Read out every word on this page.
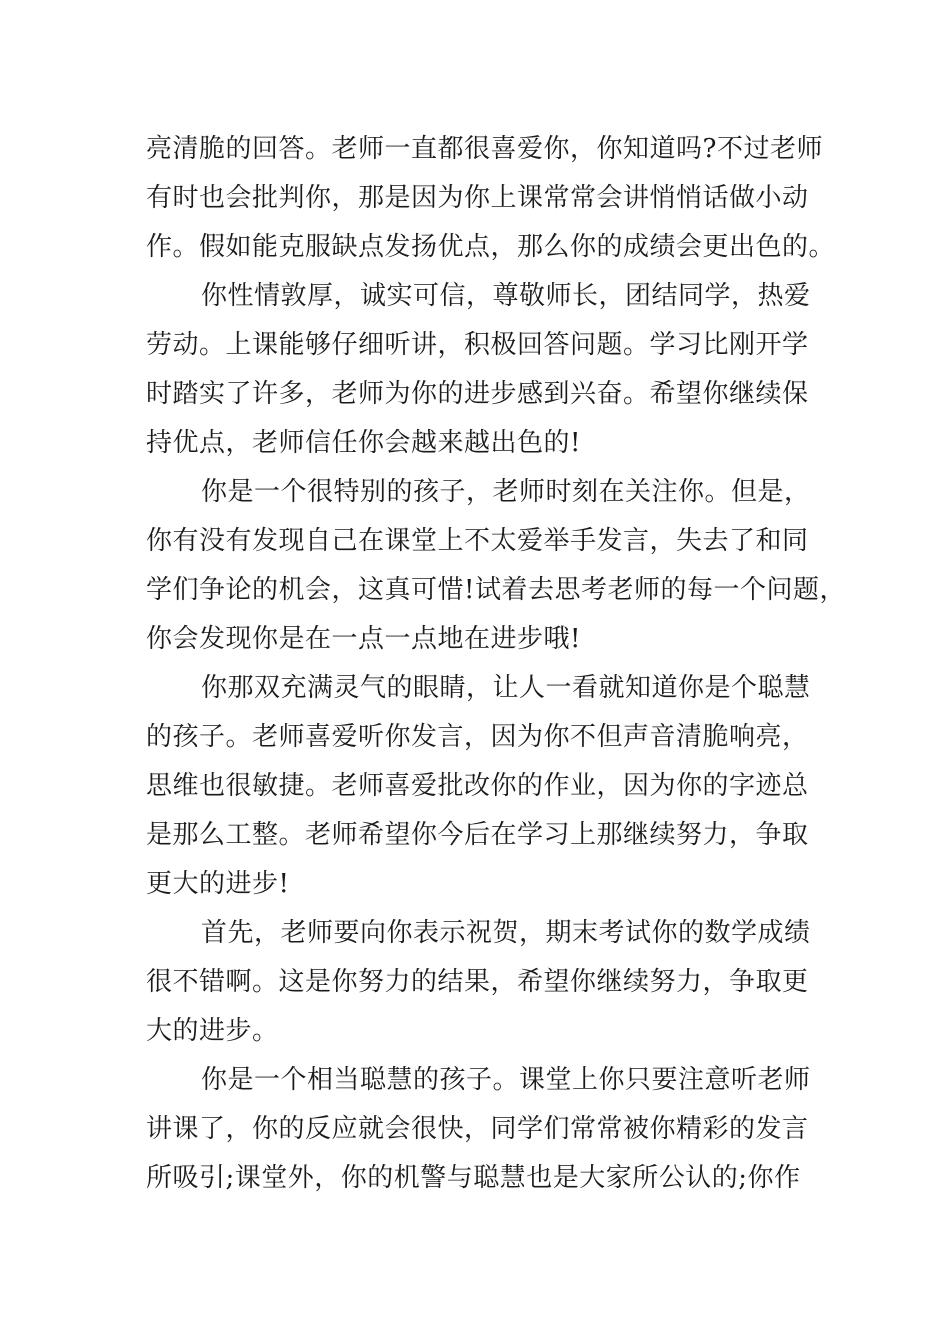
亮清脆的回答。老师一直都很喜爱你，你知道吗?不过老师
有时也会批判你，那是因为你上课常常会讲悄悄话做小动
作。假如能克服缺点发扬优点，那么你的成绩会更出色的。
你性情敦厚，诚实可信，尊敬师长，团结同学，热爱
劳动。上课能够仔细听讲，积极回答问题。学习比刚开学
时踏实了许多，老师为你的进步感到兴奋。希望你继续保
持优点，老师信任你会越来越出色的!
你是一个很特别的孩子，老师时刻在关注你。但是，
你有没有发现自己在课堂上不太爱举手发言，失去了和同
学们争论的机会，这真可惜!试着去思考老师的每一个问题，
你会发现你是在一点一点地在进步哦!
你那双充满灵气的眼睛，让人一看就知道你是个聪慧
的孩子。老师喜爱听你发言，因为你不但声音清脆响亮，
思维也很敏捷。老师喜爱批改你的作业，因为你的字迹总
是那么工整。老师希望你今后在学习上那继续努力，争取
更大的进步!
首先，老师要向你表示祝贺，期末考试你的数学成绩
很不错啊。这是你努力的结果，希望你继续努力，争取更
大的进步。
你是一个相当聪慧的孩子。课堂上你只要注意听老师
讲课了，你的反应就会很快，同学们常常被你精彩的发言
所吸引;课堂外，你的机警与聪慧也是大家所公认的;你作
